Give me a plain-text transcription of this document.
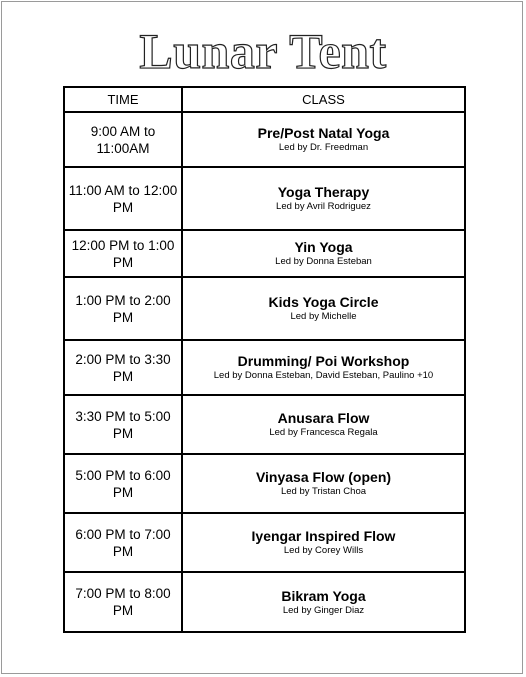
Lunar Tent
TIME	CLASS
9:00 AM to 11:00AM	Pre/Post Natal Yoga
Led by Dr. Freedman

11:00 AM to 12:00 PM	Yoga Therapy
Led by Avril Rodriguez

12:00 PM to 1:00 PM	Yin Yoga
Led by Donna Esteban

1:00 PM to 2:00 PM	Kids Yoga Circle
Led by Michelle

2:00 PM to 3:30 PM	Drumming/ Poi Workshop
Led by Donna Esteban, David Esteban, Paulino +10

3:30 PM to 5:00 PM	Anusara Flow
Led by Francesca Regala

5:00 PM to 6:00 PM	Vinyasa Flow (open)
Led by Tristan Choa

6:00 PM to 7:00 PM	Iyengar Inspired Flow
Led by Corey Wills

7:00 PM to 8:00 PM	Bikram Yoga
Led by Ginger Diaz
